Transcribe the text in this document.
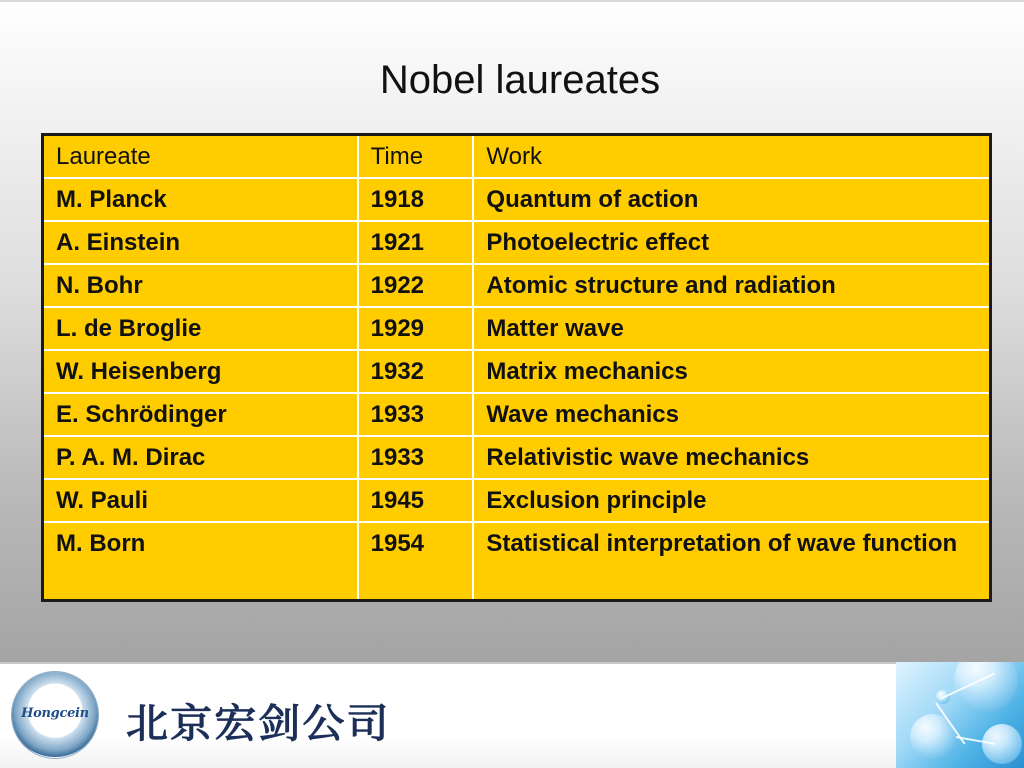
Nobel laureates
Laureate	Time	Work
M. Planck	1918	Quantum of action
A. Einstein	1921	Photoelectric effect
N. Bohr	1922	Atomic structure and radiation
L. de Broglie	1929	Matter wave
W. Heisenberg	1932	Matrix mechanics
E. Schrödinger	1933	Wave mechanics
P. A. M. Dirac	1933	Relativistic wave mechanics
W. Pauli	1945	Exclusion principle
M. Born	1954	Statistical interpretation of wave function
Hongcein 北京宏剑公司
